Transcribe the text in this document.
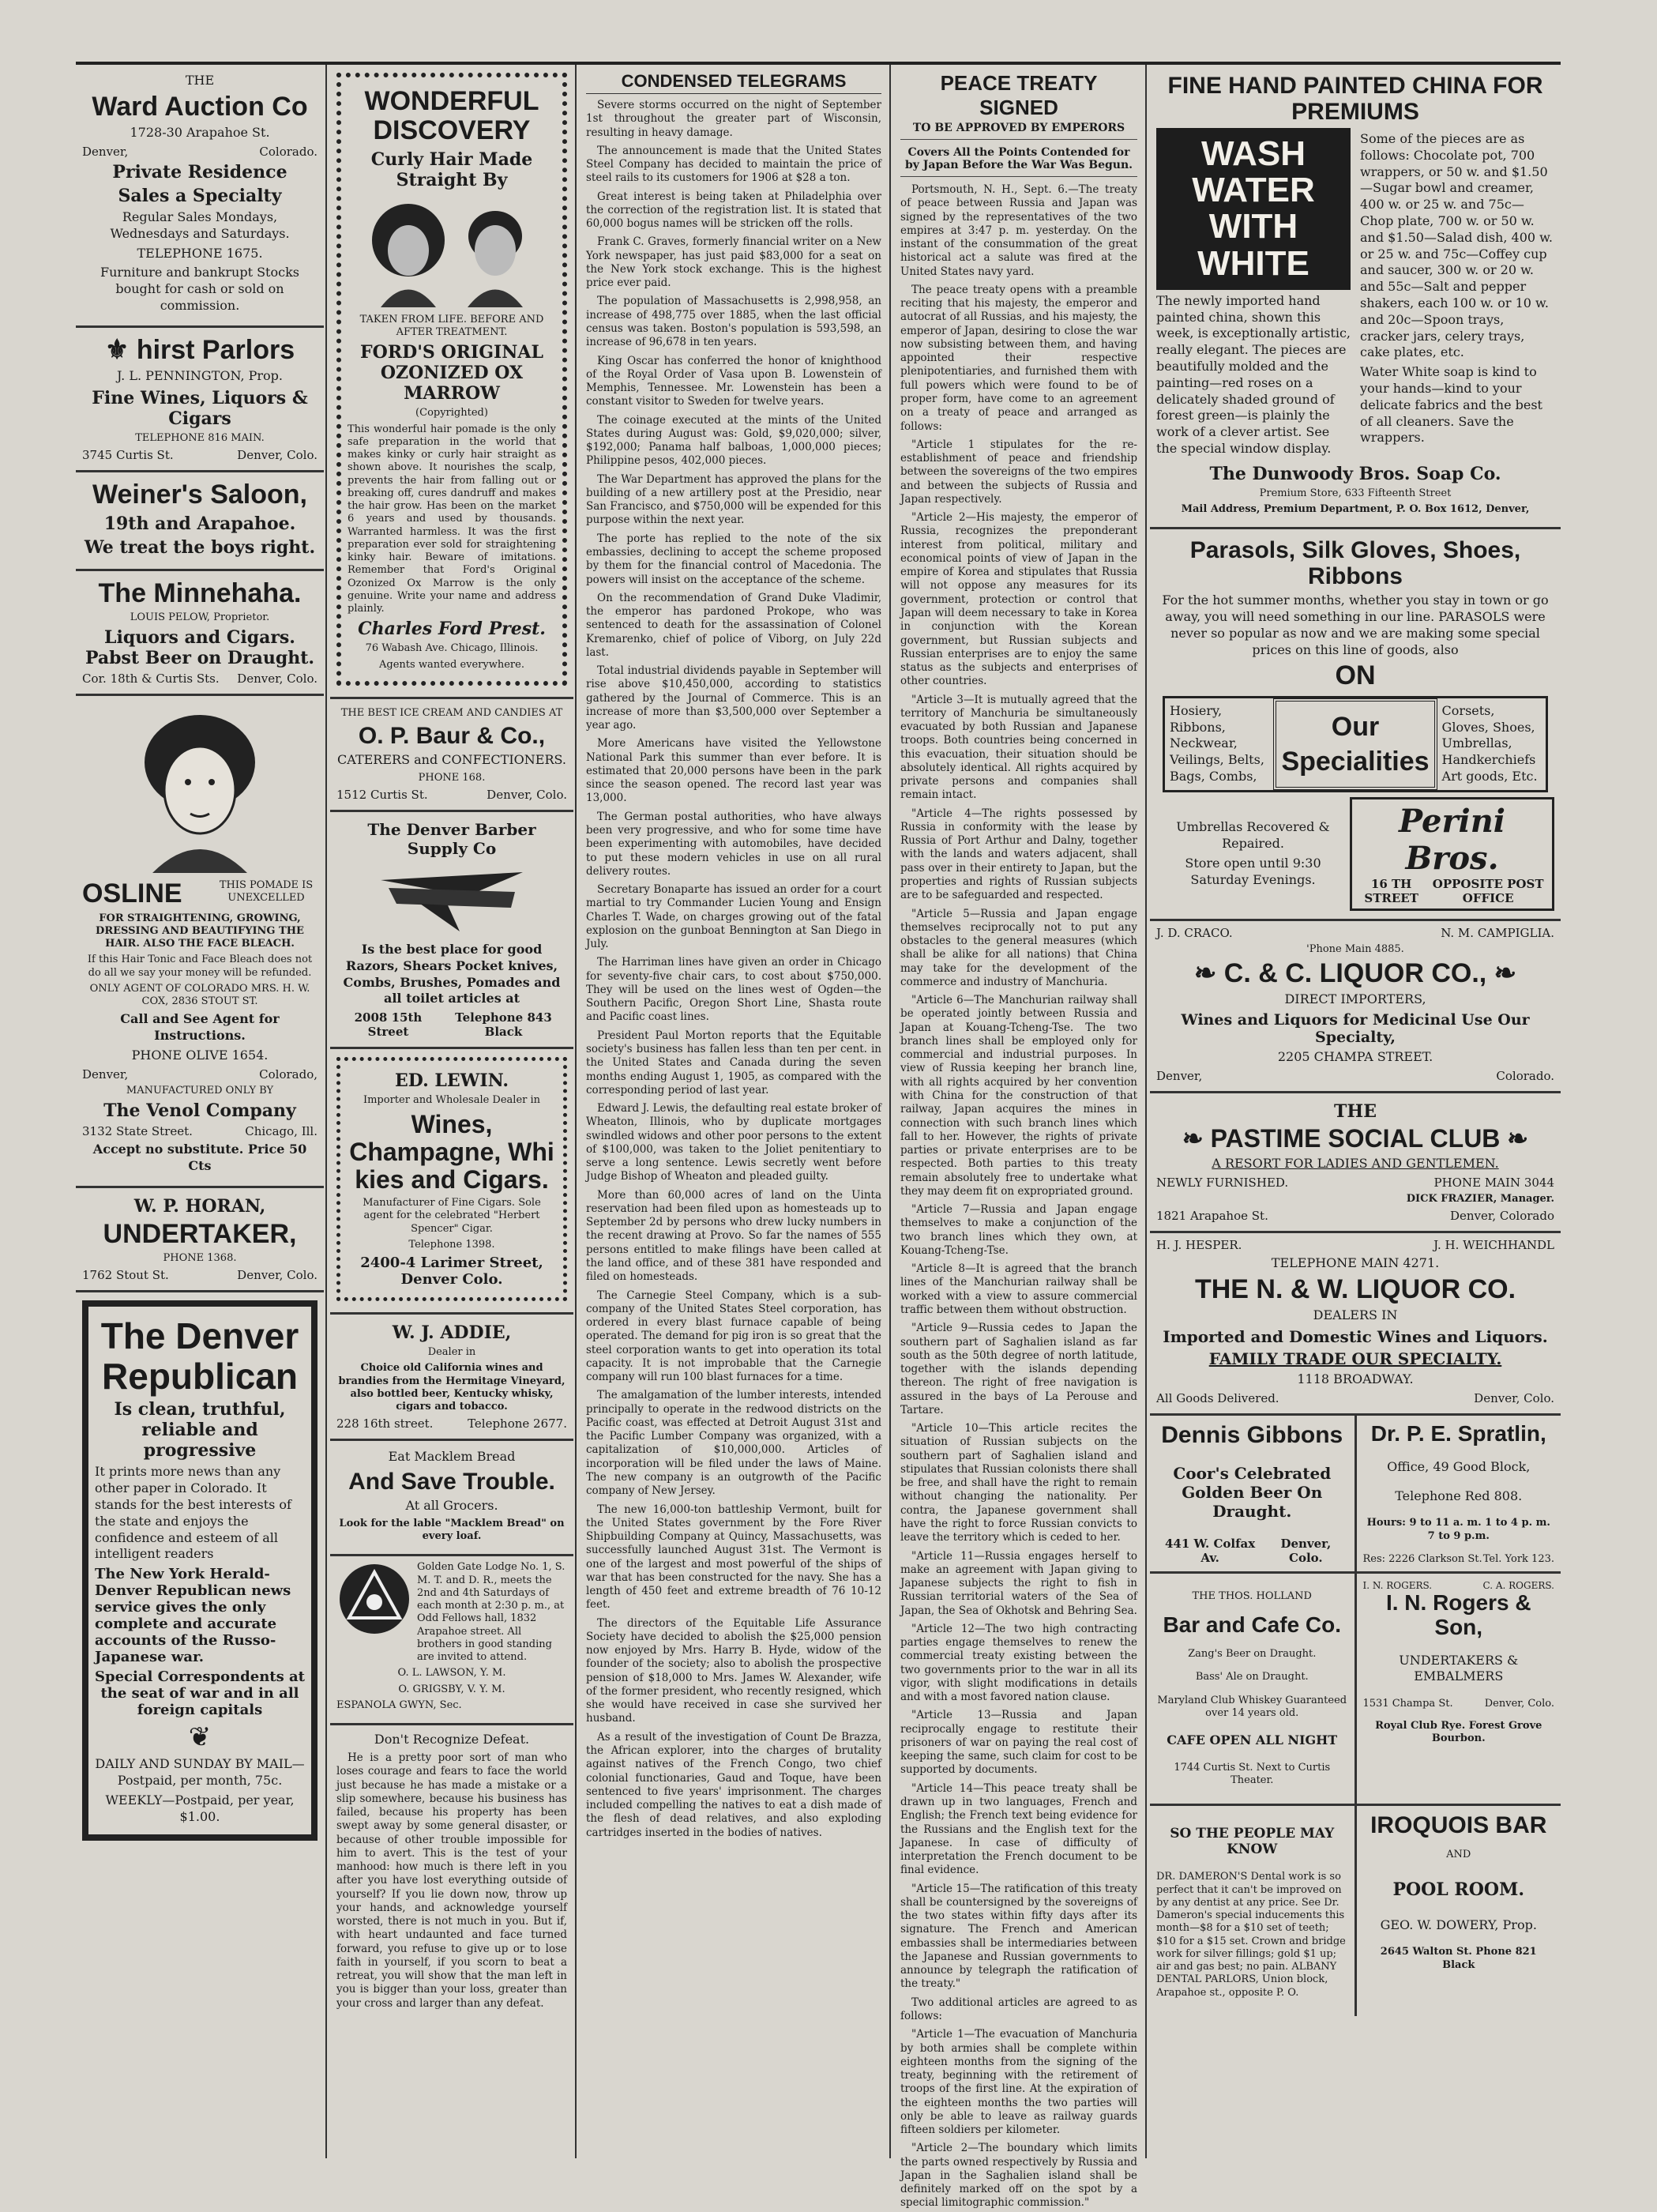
THE

Ward Auction Co

1728-30 Arapahoe St.

Denver,	Colorado.

Private Residence

Sales a Specialty

Regular Sales Mondays, Wednesdays and Saturdays.

TELEPHONE 1675.

Furniture and bankrupt Stocks bought for cash or sold on commission.

⚜ hirst Parlors

J. L. PENNINGTON, Prop.

Fine Wines, Liquors & Cigars

TELEPHONE 816 MAIN.

3745 Curtis St.	Denver, Colo.

Weiner's Saloon,

19th and Arapahoe.

We treat the boys right.

The Minnehaha.

LOUIS PELOW, Proprietor.

Liquors and Cigars. Pabst Beer on Draught.

Cor. 18th & Curtis Sts. Denver, Colo.
OSLINE	THIS POMADE IS UNEXCELLED

FOR STRAIGHTENING, GROWING, DRESSING AND BEAUTIFYING THE HAIR. ALSO THE FACE BLEACH.

If this Hair Tonic and Face Bleach does not do all we say your money will be refunded.

ONLY AGENT OF COLORADO MRS. H. W. COX, 2836 STOUT ST.

Call and See Agent for Instructions.

PHONE OLIVE 1654.

Denver,	Colorado,

MANUFACTURED ONLY BY

The Venol Company

3132 State Street.	Chicago, Ill.

Accept no substitute. Price 50 Cts

W. P. HORAN,

UNDERTAKER,

PHONE 1368.

1762 Stout St.	Denver, Colo.

The Denver Republican

Is clean, truthful, reliable and progressive

It prints more news than any other paper in Colorado. It stands for the best interests of the state and enjoys the confidence and esteem of all intelligent readers

The New York Herald-Denver Republican news service gives the only complete and accurate accounts of the Russo-Japanese war.

Special Correspondents at the seat of war and in all foreign capitals

❦

DAILY AND SUNDAY BY MAIL—Postpaid, per month, 75c.

WEEKLY—Postpaid, per year, $1.00.

WONDERFUL DISCOVERY

Curly Hair Made Straight By

TAKEN FROM LIFE. BEFORE AND AFTER TREATMENT.

FORD'S ORIGINAL OZONIZED OX MARROW

(Copyrighted)

This wonderful hair pomade is the only safe preparation in the world that makes kinky or curly hair straight as shown above. It nourishes the scalp, prevents the hair from falling out or breaking off, cures dandruff and makes the hair grow. Has been on the market 6 years and used by thousands. Warranted harmless. It was the first preparation ever sold for straightening kinky hair. Beware of imitations. Remember that Ford's Original Ozonized Ox Marrow is the only genuine. Write your name and address plainly.

Charles Ford Prest.

76 Wabash Ave. Chicago, Illinois.

Agents wanted everywhere.

THE BEST ICE CREAM AND CANDIES AT

O. P. Baur & Co.,

CATERERS and CONFECTIONERS.

PHONE 168.

1512 Curtis St.	Denver, Colo.

The Denver Barber Supply Co

Is the best place for good Razors, Shears Pocket knives, Combs, Brushes, Pomades and all toilet articles at

2008 15th Street
Telephone 843 Black

ED. LEWIN.

Importer and Wholesale Dealer in

Wines, Champagne, Whi kies and Cigars.

Manufacturer of Fine Cigars. Sole agent for the celebrated "Herbert Spencer" Cigar.

Telephone 1398.

2400-4 Larimer Street, Denver Colo.

W. J. ADDIE,

Dealer in

Choice old California wines and brandies from the Hermitage Vineyard, also bottled beer, Kentucky whisky, cigars and tobacco.

228 16th street.	Telephone 2677.

Eat Macklem Bread

And Save Trouble.

At all Grocers.

Look for the lable "Macklem Bread" on every loaf.

Golden Gate Lodge No. 1, S. M. T. and D. R., meets the 2nd and 4th Saturdays of each month at 2:30 p. m., at Odd Fellows hall, 1832 Arapahoe street. All brothers in good standing are invited to attend.

O. L. LAWSON, Y. M.

O. GRIGSBY, V. Y. M.

ESPANOLA GWYN, Sec.

Don't Recognize Defeat.

He is a pretty poor sort of man who loses courage and fears to face the world just because he has made a mistake or a slip somewhere, because his business has failed, because his property has been swept away by some general disaster, or because of other trouble impossible for him to avert. This is the test of your manhood: how much is there left in you after you have lost everything outside of yourself? If you lie down now, throw up your hands, and acknowledge yourself worsted, there is not much in you. But if, with heart undaunted and face turned forward, you refuse to give up or to lose faith in yourself, if you scorn to beat a retreat, you will show that the man left in you is bigger than your loss, greater than your cross and larger than any defeat.

CONDENSED TELEGRAMS

Severe storms occurred on the night of September 1st throughout the greater part of Wisconsin, resulting in heavy damage.

The announcement is made that the United States Steel Company has decided to maintain the price of steel rails to its customers for 1906 at $28 a ton.

Great interest is being taken at Philadelphia over the correction of the registration list. It is stated that 60,000 bogus names will be stricken off the rolls.

Frank C. Graves, formerly financial writer on a New York newspaper, has just paid $83,000 for a seat on the New York stock exchange. This is the highest price ever paid.

The population of Massachusetts is 2,998,958, an increase of 498,775 over 1885, when the last official census was taken. Boston's population is 593,598, an increase of 96,678 in ten years.

King Oscar has conferred the honor of knighthood of the Royal Order of Vasa upon B. Lowenstein of Memphis, Tennessee. Mr. Lowenstein has been a constant visitor to Sweden for twelve years.

The coinage executed at the mints of the United States during August was: Gold, $9,020,000; silver, $192,000; Panama half balboas, 1,000,000 pieces; Philippine pesos, 402,000 pieces.

The War Department has approved the plans for the building of a new artillery post at the Presidio, near San Francisco, and $750,000 will be expended for this purpose within the next year.

The porte has replied to the note of the six embassies, declining to accept the scheme proposed by them for the financial control of Macedonia. The powers will insist on the acceptance of the scheme.

On the recommendation of Grand Duke Vladimir, the emperor has pardoned Prokope, who was sentenced to death for the assassination of Colonel Kremarenko, chief of police of Viborg, on July 22d last.

Total industrial dividends payable in September will rise above $10,450,000, according to statistics gathered by the Journal of Commerce. This is an increase of more than $3,500,000 over September a year ago.

More Americans have visited the Yellowstone National Park this summer than ever before. It is estimated that 20,000 persons have been in the park since the season opened. The record last year was 13,000.

The German postal authorities, who have always been very progressive, and who for some time have been experimenting with automobiles, have decided to put these modern vehicles in use on all rural delivery routes.

Secretary Bonaparte has issued an order for a court martial to try Commander Lucien Young and Ensign Charles T. Wade, on charges growing out of the fatal explosion on the gunboat Bennington at San Diego in July.

The Harriman lines have given an order in Chicago for seventy-five chair cars, to cost about $750,000. They will be used on the lines west of Ogden—the Southern Pacific, Oregon Short Line, Shasta route and Pacific coast lines.

President Paul Morton reports that the Equitable society's business has fallen less than ten per cent. in the United States and Canada during the seven months ending August 1, 1905, as compared with the corresponding period of last year.

Edward J. Lewis, the defaulting real estate broker of Wheaton, Illinois, who by duplicate mortgages swindled widows and other poor persons to the extent of $100,000, was taken to the Joliet penitentiary to serve a long sentence. Lewis secretly went before Judge Bishop of Wheaton and pleaded guilty.

More than 60,000 acres of land on the Uinta reservation had been filed upon as homesteads up to September 2d by persons who drew lucky numbers in the recent drawing at Provo. So far the names of 555 persons entitled to make filings have been called at the land office, and of these 381 have responded and filed on homesteads.

The Carnegie Steel Company, which is a sub-company of the United States Steel corporation, has ordered in every blast furnace capable of being operated. The demand for pig iron is so great that the steel corporation wants to get into operation its total capacity. It is not improbable that the Carnegie company will run 100 blast furnaces for a time.

The amalgamation of the lumber interests, intended principally to operate in the redwood districts on the Pacific coast, was effected at Detroit August 31st and the Pacific Lumber Company was organized, with a capitalization of $10,000,000. Articles of incorporation will be filed under the laws of Maine. The new company is an outgrowth of the Pacific company of New Jersey.

The new 16,000-ton battleship Vermont, built for the United States government by the Fore River Shipbuilding Company at Quincy, Massachusetts, was successfully launched August 31st. The Vermont is one of the largest and most powerful of the ships of war that has been constructed for the navy. She has a length of 450 feet and extreme breadth of 76 10-12 feet.

The directors of the Equitable Life Assurance Society have decided to abolish the $25,000 pension now enjoyed by Mrs. Harry B. Hyde, widow of the founder of the society; also to abolish the prospective pension of $18,000 to Mrs. James W. Alexander, wife of the former president, who recently resigned, which she would have received in case she survived her husband.

As a result of the investigation of Count De Brazza, the African explorer, into the charges of brutality against natives of the French Congo, two chief colonial functionaries, Gaud and Toque, have been sentenced to five years' imprisonment. The charges included compelling the natives to eat a dish made of the flesh of dead relatives, and also exploding cartridges inserted in the bodies of natives.

PEACE TREATY SIGNED

TO BE APPROVED BY EMPERORS

Covers All the Points Contended for by Japan Before the War Was Begun.

Portsmouth, N. H., Sept. 6.—The treaty of peace between Russia and Japan was signed by the representatives of the two empires at 3:47 p. m. yesterday. On the instant of the consummation of the great historical act a salute was fired at the United States navy yard.

The peace treaty opens with a preamble reciting that his majesty, the emperor and autocrat of all Russias, and his majesty, the emperor of Japan, desiring to close the war now subsisting between them, and having appointed their respective plenipotentiaries, and furnished them with full powers which were found to be of proper form, have come to an agreement on a treaty of peace and arranged as follows:

"Article 1 stipulates for the re-establishment of peace and friendship between the sovereigns of the two empires and between the subjects of Russia and Japan respectively.

"Article 2—His majesty, the emperor of Russia, recognizes the preponderant interest from political, military and economical points of view of Japan in the empire of Korea and stipulates that Russia will not oppose any measures for its government, protection or control that Japan will deem necessary to take in Korea in conjunction with the Korean government, but Russian subjects and Russian enterprises are to enjoy the same status as the subjects and enterprises of other countries.

"Article 3—It is mutually agreed that the territory of Manchuria be simultaneously evacuated by both Russian and Japanese troops. Both countries being concerned in this evacuation, their situation should be absolutely identical. All rights acquired by private persons and companies shall remain intact.

"Article 4—The rights possessed by Russia in conformity with the lease by Russia of Port Arthur and Dalny, together with the lands and waters adjacent, shall pass over in their entirety to Japan, but the properties and rights of Russian subjects are to be safeguarded and respected.

"Article 5—Russia and Japan engage themselves reciprocally not to put any obstacles to the general measures (which shall be alike for all nations) that China may take for the development of the commerce and industry of Manchuria.

"Article 6—The Manchurian railway shall be operated jointly between Russia and Japan at Kouang-Tcheng-Tse. The two branch lines shall be employed only for commercial and industrial purposes. In view of Russia keeping her branch line, with all rights acquired by her convention with China for the construction of that railway, Japan acquires the mines in connection with such branch lines which fall to her. However, the rights of private parties or private enterprises are to be respected. Both parties to this treaty remain absolutely free to undertake what they may deem fit on expropriated ground.

"Article 7—Russia and Japan engage themselves to make a conjunction of the two branch lines which they own, at Kouang-Tcheng-Tse.

"Article 8—It is agreed that the branch lines of the Manchurian railway shall be worked with a view to assure commercial traffic between them without obstruction.

"Article 9—Russia cedes to Japan the southern part of Saghalien island as far south as the 50th degree of north latitude, together with the islands depending thereon. The right of free navigation is assured in the bays of La Perouse and Tartare.

"Article 10—This article recites the situation of Russian subjects on the southern part of Saghalien island and stipulates that Russian colonists there shall be free, and shall have the right to remain without changing the nationality. Per contra, the Japanese government shall have the right to force Russian convicts to leave the territory which is ceded to her.

"Article 11—Russia engages herself to make an agreement with Japan giving to Japanese subjects the right to fish in Russian territorial waters of the Sea of Japan, the Sea of Okhotsk and Behring Sea.

"Article 12—The two high contracting parties engage themselves to renew the commercial treaty existing between the two governments prior to the war in all its vigor, with slight modifications in details and with a most favored nation clause.

"Article 13—Russia and Japan reciprocally engage to restitute their prisoners of war on paying the real cost of keeping the same, such claim for cost to be supported by documents.

"Article 14—This peace treaty shall be drawn up in two languages, French and English; the French text being evidence for the Russians and the English text for the Japanese. In case of difficulty of interpretation the French document to be final evidence.

"Article 15—The ratification of this treaty shall be countersigned by the sovereigns of the two states within fifty days after its signature. The French and American embassies shall be intermediaries between the Japanese and Russian governments to announce by telegraph the ratification of the treaty."

Two additional articles are agreed to as follows:

"Article 1—The evacuation of Manchuria by both armies shall be complete within eighteen months from the signing of the treaty, beginning with the retirement of troops of the first line. At the expiration of the eighteen months the two parties will only be able to leave as railway guards fifteen soldiers per kilometer.

"Article 2—The boundary which limits the parts owned respectively by Russia and Japan in the Saghalien island shall be definitely marked off on the spot by a special limitographic commission."

FINE HAND PAINTED CHINA FOR PREMIUMS

WASH WATER WITH WHITE

The newly imported hand painted china, shown this week, is exceptionally artistic, really elegant. The pieces are beautifully molded and the painting—red roses on a delicately shaded ground of forest green—is plainly the work of a clever artist. See the special window display.

Some of the pieces are as follows: Chocolate pot, 700 wrappers, or 50 w. and $1.50—Sugar bowl and creamer, 400 w. or 25 w. and 75c—Chop plate, 700 w. or 50 w. and $1.50—Salad dish, 400 w. or 25 w. and 75c—Coffey cup and saucer, 300 w. or 20 w. and 55c—Salt and pepper shakers, each 100 w. or 10 w. and 20c—Spoon trays, cracker jars, celery trays, cake plates, etc.

Water White soap is kind to your hands—kind to your delicate fabrics and the best of all cleaners. Save the wrappers.

The Dunwoody Bros. Soap Co.

Premium Store, 633 Fifteenth Street

Mail Address, Premium Department, P. O. Box 1612, Denver,

Parasols, Silk Gloves, Shoes, Ribbons

For the hot summer months, whether you stay in town or go away, you will need something in our line. PARASOLS were never so popular as now and we are making some special prices on this line of goods, also

ON

Hosiery, Ribbons, Neckwear, Veilings, Belts, Bags, Combs,
Our Specialities
Corsets, Gloves, Shoes, Umbrellas, Handkerchiefs Art goods, Etc.

Umbrellas Recovered & Repaired.

Store open until 9:30 Saturday Evenings.

Perini Bros.

16 TH STREET
OPPOSITE POST OFFICE
J. D. CRACO.	N. M. CAMPIGLIA.

'Phone Main 4885.

❧ C. & C. LIQUOR CO., ❧

DIRECT IMPORTERS,

Wines and Liquors for Medicinal Use Our Specialty,

2205 CHAMPA STREET.

Denver,	Colorado.

THE

❧ PASTIME SOCIAL CLUB ❧

A RESORT FOR LADIES AND GENTLEMEN.

NEWLY FURNISHED.	PHONE MAIN 3044

DICK FRAZIER, Manager.

1821 Arapahoe St.	Denver, Colorado
H. J. HESPER.	J. H. WEICHHANDL

TELEPHONE MAIN 4271.

THE N. & W. LIQUOR CO.

DEALERS IN

Imported and Domestic Wines and Liquors.

FAMILY TRADE OUR SPECIALTY.

1118 BROADWAY.

All Goods Delivered.	Denver, Colo.

Dennis Gibbons

Coor's Celebrated Golden Beer On Draught.

441 W. Colfax Av.
Denver, Colo.

Dr. P. E. Spratlin,

Office, 49 Good Block,

Telephone Red 808.

Hours: 9 to 11 a. m. 1 to 4 p. m. 7 to 9 p.m.

Res: 2226 Clarkson St. Tel. York 123.

THE THOS. HOLLAND

Bar and Cafe Co.

Zang's Beer on Draught.

Bass' Ale on Draught.

Maryland Club Whiskey Guaranteed over 14 years old.

CAFE OPEN ALL NIGHT

1744 Curtis St. Next to Curtis Theater.

I. N. ROGERS.	C. A. ROGERS.

I. N. Rogers & Son,

UNDERTAKERS & EMBALMERS

1531 Champa St.	Denver, Colo.

Royal Club Rye. Forest Grove Bourbon.

SO THE PEOPLE MAY KNOW

DR. DAMERON'S Dental work is so perfect that it can't be improved on by any dentist at any price. See Dr. Dameron's special inducements this month—$8 for a $10 set of teeth; $10 for a $15 set. Crown and bridge work for silver fillings; gold $1 up; air and gas best; no pain. ALBANY DENTAL PARLORS, Union block, Arapahoe st., opposite P. O.

IROQUOIS BAR

AND

POOL ROOM.

GEO. W. DOWERY, Prop.

2645 Walton St. Phone 821 Black
